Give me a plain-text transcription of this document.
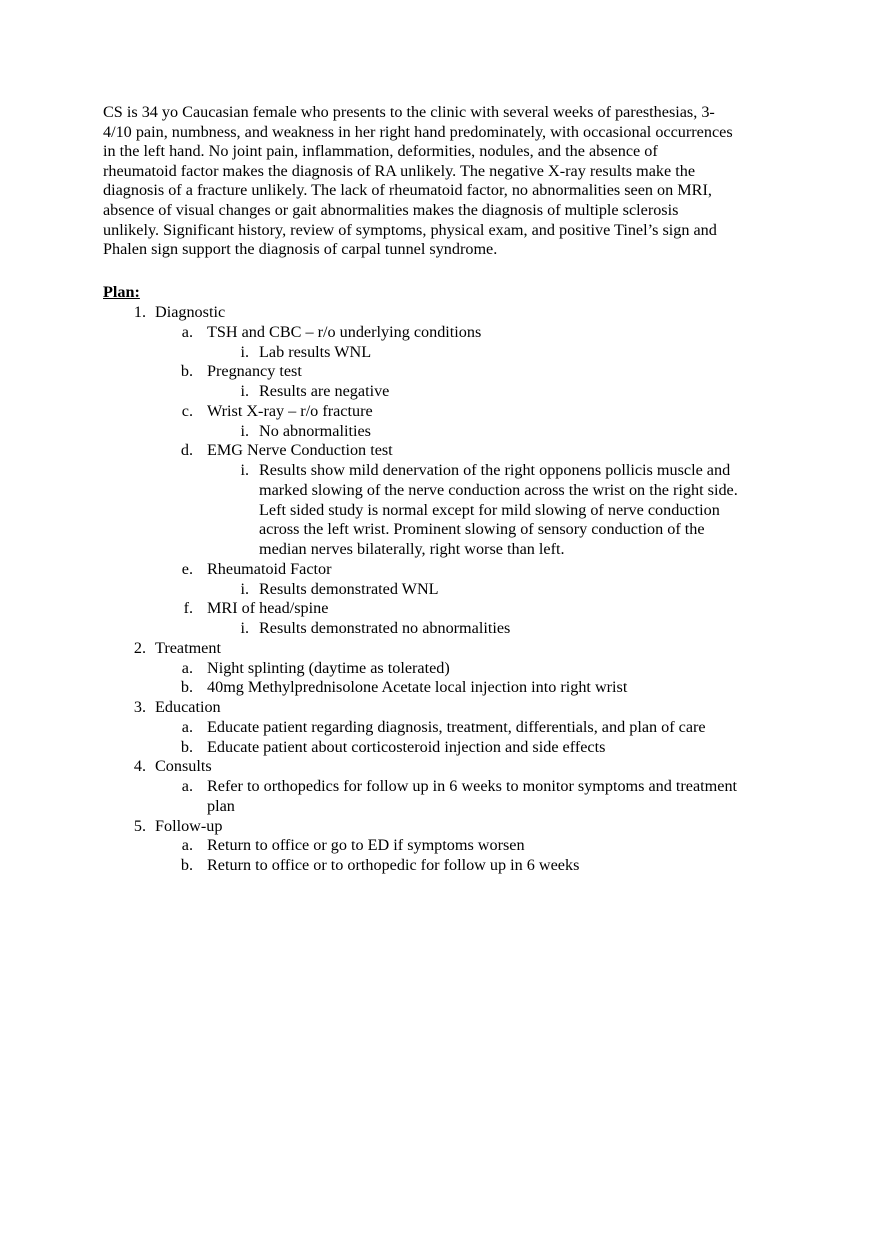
CS is 34 yo Caucasian female who presents to the clinic with several weeks of paresthesias, 3-
4/10 pain, numbness, and weakness in her right hand predominately, with occasional occurrences
in the left hand. No joint pain, inflammation, deformities, nodules, and the absence of
rheumatoid factor makes the diagnosis of RA unlikely. The negative X-ray results make the
diagnosis of a fracture unlikely. The lack of rheumatoid factor, no abnormalities seen on MRI,
absence of visual changes or gait abnormalities makes the diagnosis of multiple sclerosis
unlikely. Significant history, review of symptoms, physical exam, and positive Tinel’s sign and
Phalen sign support the diagnosis of carpal tunnel syndrome.
Plan:
1. Diagnostic
a. TSH and CBC – r/o underlying conditions
i. Lab results WNL
b. Pregnancy test
i. Results are negative
c. Wrist X-ray – r/o fracture
i. No abnormalities
d. EMG Nerve Conduction test
i. Results show mild denervation of the right opponens pollicis muscle and
marked slowing of the nerve conduction across the wrist on the right side.
Left sided study is normal except for mild slowing of nerve conduction
across the left wrist. Prominent slowing of sensory conduction of the
median nerves bilaterally, right worse than left.
e. Rheumatoid Factor
i. Results demonstrated WNL
f. MRI of head/spine
i. Results demonstrated no abnormalities
2. Treatment
a. Night splinting (daytime as tolerated)
b. 40mg Methylprednisolone Acetate local injection into right wrist
3. Education
a. Educate patient regarding diagnosis, treatment, differentials, and plan of care
b. Educate patient about corticosteroid injection and side effects
4. Consults
a. Refer to orthopedics for follow up in 6 weeks to monitor symptoms and treatment
plan
5. Follow-up
a. Return to office or go to ED if symptoms worsen
b. Return to office or to orthopedic for follow up in 6 weeks
